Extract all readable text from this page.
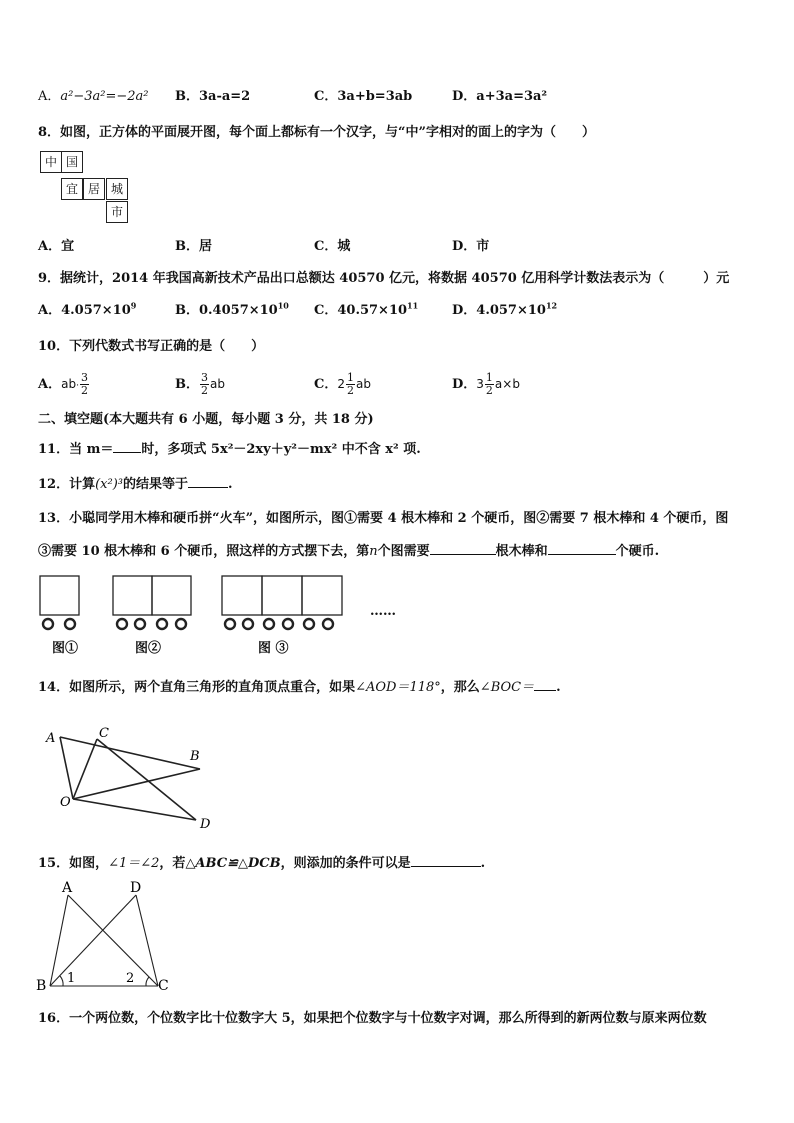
A．a²−3a²=−2a² B．3a-a=2	C．3a+b=3ab	D．a+3a=3a²
8．如图，正方体的平面展开图，每个面上都标有一个汉字，与“中”字相对的面上的字为（　　）
中 国
宜 居 城
市
A．宜	B．居	C．城	D．市
9．据统计，2014 年我国高新技术产品出口总额达 40570 亿元，将数据 40570 亿用科学计数法表示为（　　　）元
A．$4.057\times 10^9$	B．$0.4057\times 10^{10}$ C．$40.57\times 10^{11}$	D．$4.057\times 10^{12}$
10．下列代数式书写正确的是（　　）
A．$ab\cdot \frac{3}{2}$	B． $\frac{3}{2}$ ab	C．$2 \frac{1}{2}$ ab	D．$3 \frac{1}{2} a\times b$
二、填空题(本大题共有 6 小题，每小题 3 分，共 18 分)
11．当 m＝ 时，多项式 5x²－2xy＋y²－mx² 中不含 x² 项.
12．计算(x²)³的结果等于	.
13．小聪同学用木棒和硬币拼“火车”，如图所示，图①需要 4 根木棒和 2 个硬币，图②需要 7 根木棒和 4 个硬币，图
③需要 10 根木棒和 6 个硬币，照这样的方式摆下去，第n个图需要	根木棒和	个硬币.
……
图①	图②	图 ③
14．如图所示，两个直角三角形的直角顶点重合，如果∠AOD＝118°，那么∠BOC＝ .
A	C
B
O
D
15．如图，∠1＝∠2，若△ABC≌△DCB，则添加的条件可以是	.
A	D
B	C
1	2
16．一个两位数，个位数字比十位数字大 5，如果把个位数字与十位数字对调，那么所得到的新两位数与原来两位数
